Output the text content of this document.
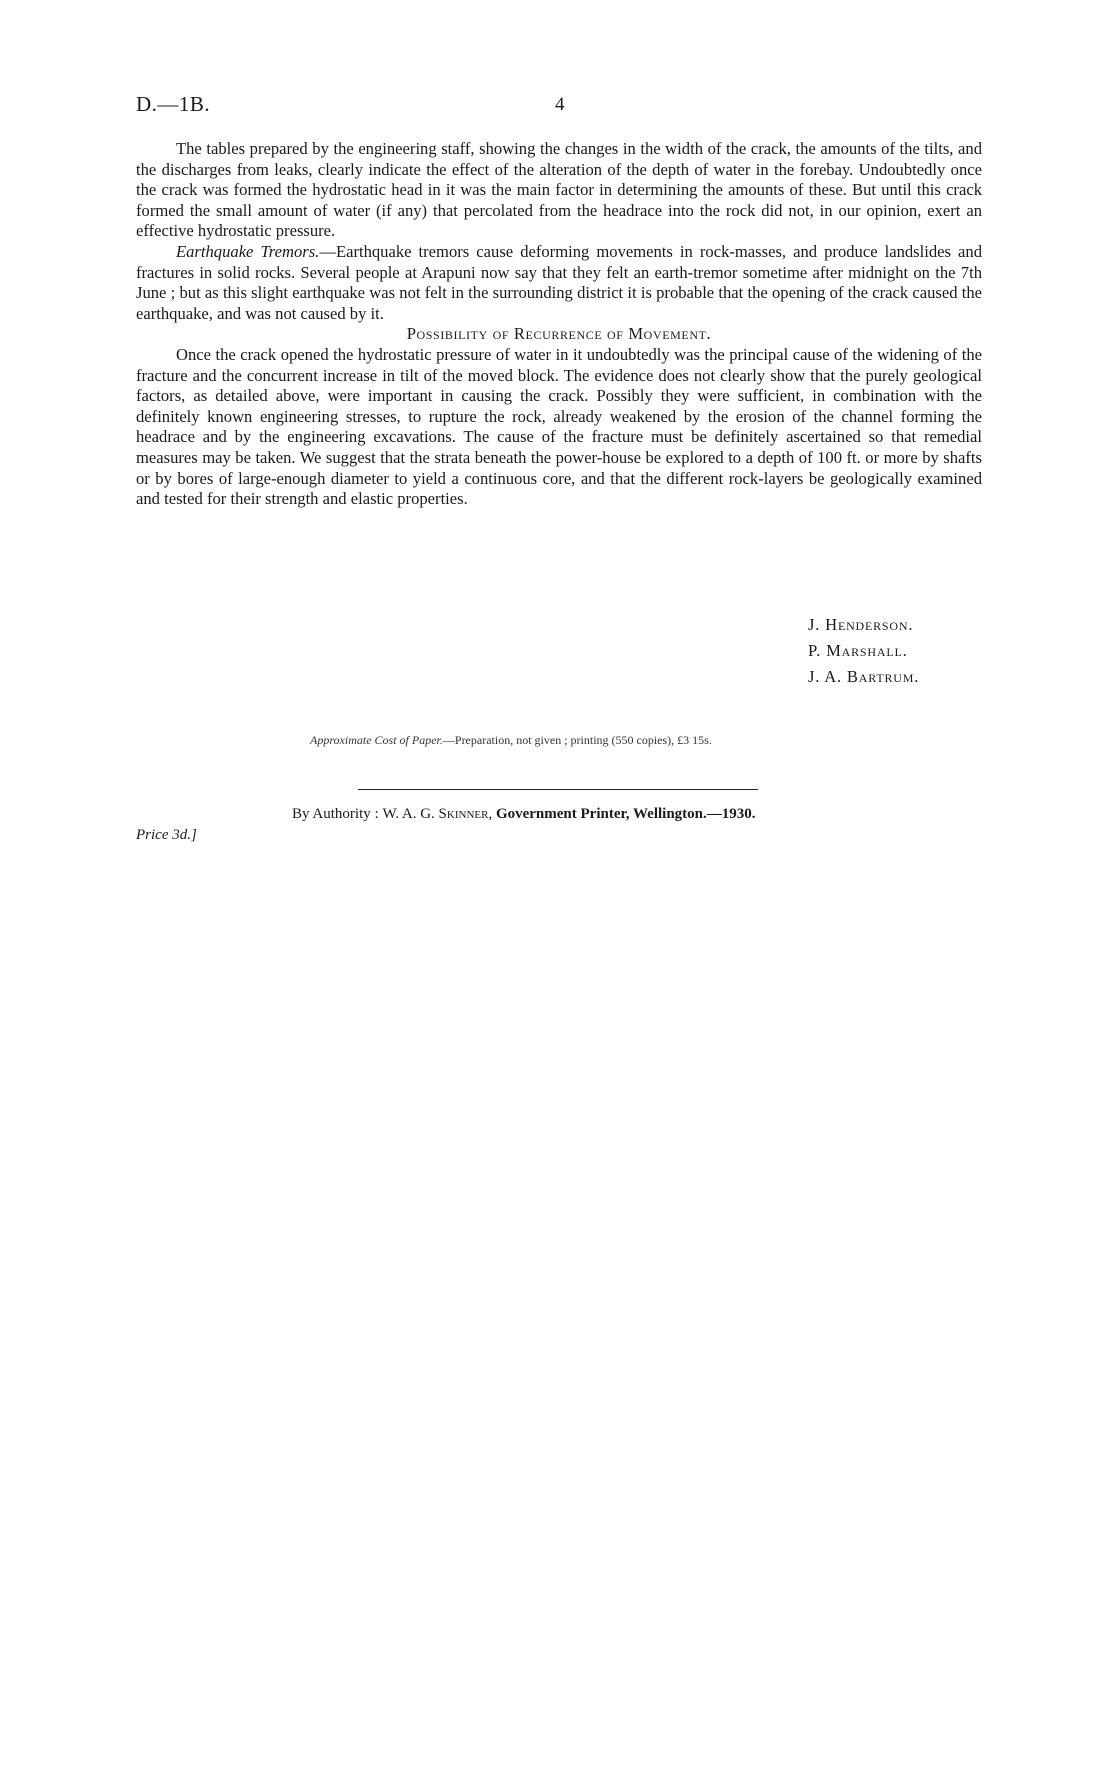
D.—1B.	4

The tables prepared by the engineering staff, showing the changes in the width of the crack, the amounts of the tilts, and the discharges from leaks, clearly indicate the effect of the alteration of the depth of water in the forebay. Undoubtedly once the crack was formed the hydrostatic head in it was the main factor in determining the amounts of these. But until this crack formed the small amount of water (if any) that percolated from the headrace into the rock did not, in our opinion, exert an effective hydrostatic pressure.

Earthquake Tremors.—Earthquake tremors cause deforming movements in rock-masses, and produce landslides and fractures in solid rocks. Several people at Arapuni now say that they felt an earth-tremor sometime after midnight on the 7th June ; but as this slight earthquake was not felt in the surrounding district it is probable that the opening of the crack caused the earthquake, and was not caused by it.

Possibility of Recurrence of Movement.

Once the crack opened the hydrostatic pressure of water in it undoubtedly was the principal cause of the widening of the fracture and the concurrent increase in tilt of the moved block. The evidence does not clearly show that the purely geological factors, as detailed above, were important in causing the crack. Possibly they were sufficient, in combination with the definitely known engineering stresses, to rupture the rock, already weakened by the erosion of the channel forming the headrace and by the engineering excavations. The cause of the fracture must be definitely ascertained so that remedial measures may be taken. We suggest that the strata beneath the power-house be explored to a depth of 100 ft. or more by shafts or by bores of large-enough diameter to yield a continuous core, and that the different rock-layers be geologically examined and tested for their strength and elastic properties.

J. Henderson.
P. Marshall.
J. A. Bartrum.
Approximate Cost of Paper.—Preparation, not given ; printing (550 copies), £3 15s.
By Authority : W. A. G. Skinner, Government Printer, Wellington.—1930.
Price 3d.]
